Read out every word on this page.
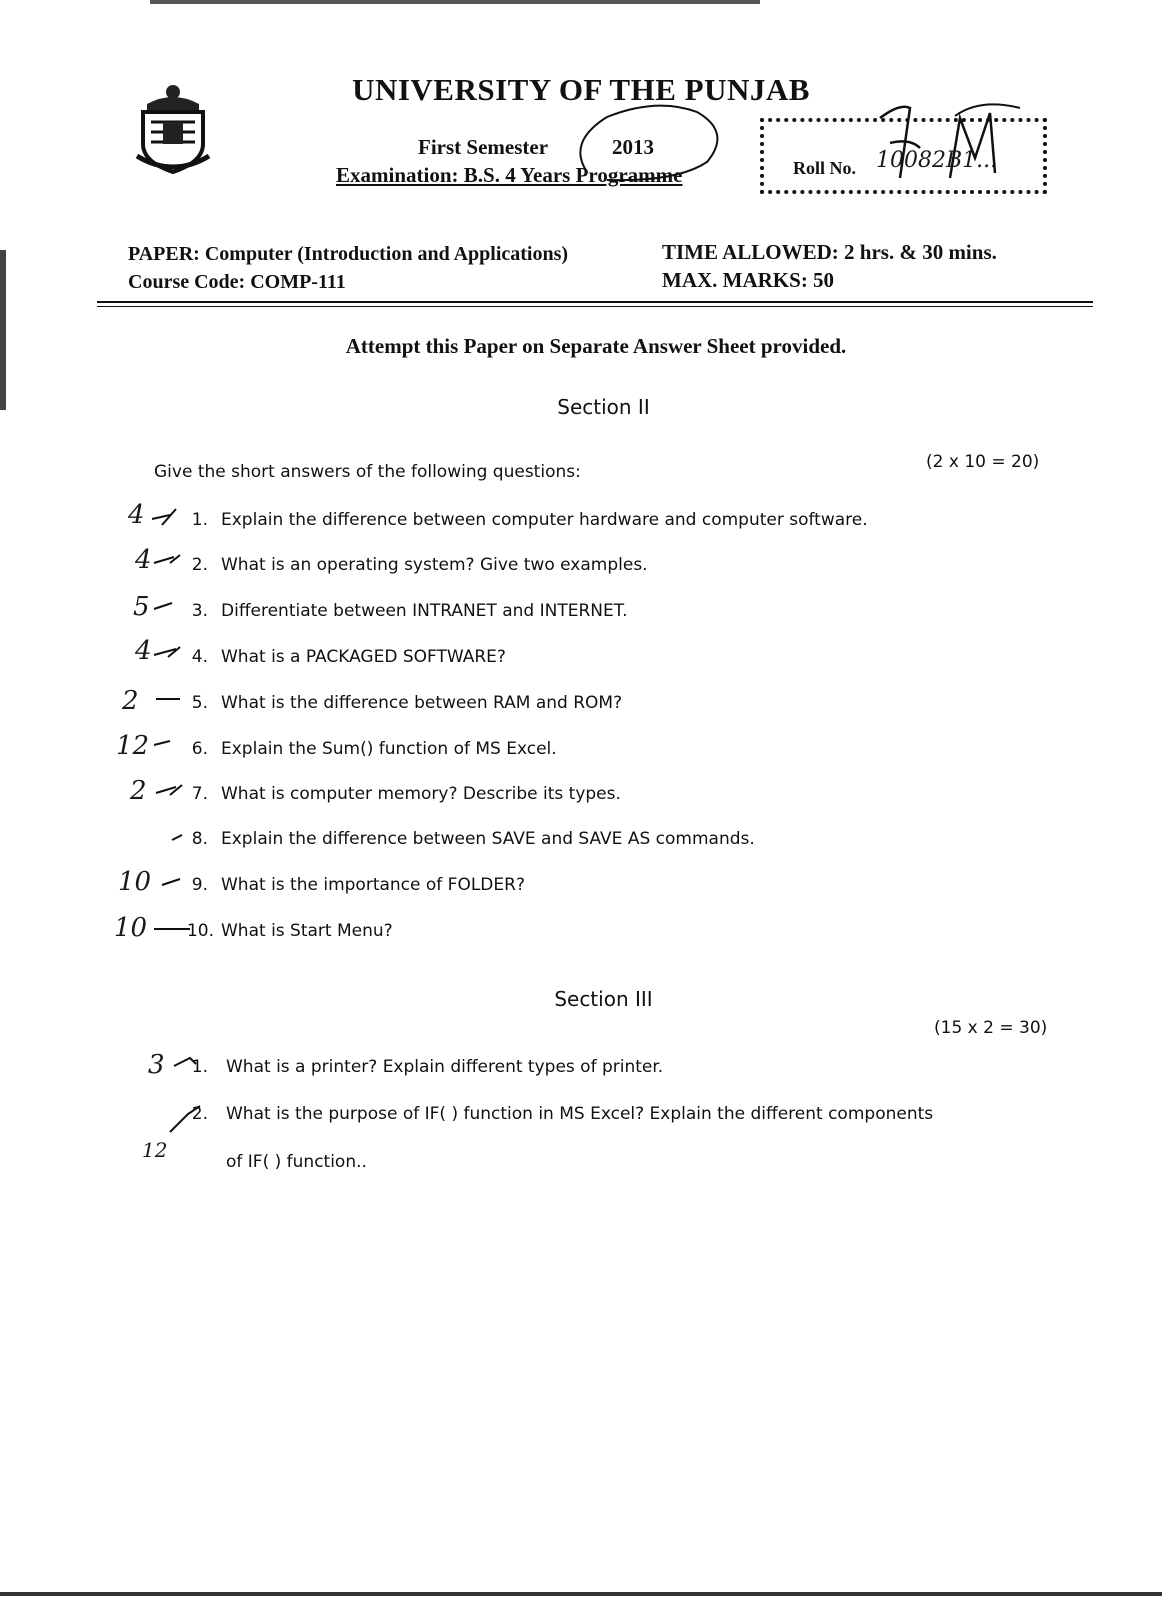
UNIVERSITY OF THE PUNJAB
First Semester	2013
Examination: B.S. 4 Years Programme	Roll No. 10082B1...
PAPER: Computer (Introduction and Applications)
Course Code: COMP-111
TIME ALLOWED: 2 hrs. & 30 mins.
MAX. MARKS: 50
Attempt this Paper on Separate Answer Sheet provided.
Section II
Give the short answers of the following questions:	(2 x 10 = 20)
4	1. Explain the difference between computer hardware and computer software.
4	2. What is an operating system? Give two examples.
5	3. Differentiate between INTRANET and INTERNET.
4	4. What is a PACKAGED SOFTWARE?
2	5. What is the difference between RAM and ROM?
12	6. Explain the Sum() function of MS Excel.
2	7. What is computer memory? Describe its types.
8. Explain the difference between SAVE and SAVE AS commands.
10	9. What is the importance of FOLDER?
10	10. What is Start Menu?
Section III
(15 x 2 = 30)
3	1. What is a printer? Explain different types of printer.
12
2. What is the purpose of IF( ) function in MS Excel? Explain the different components
of IF( ) function..
